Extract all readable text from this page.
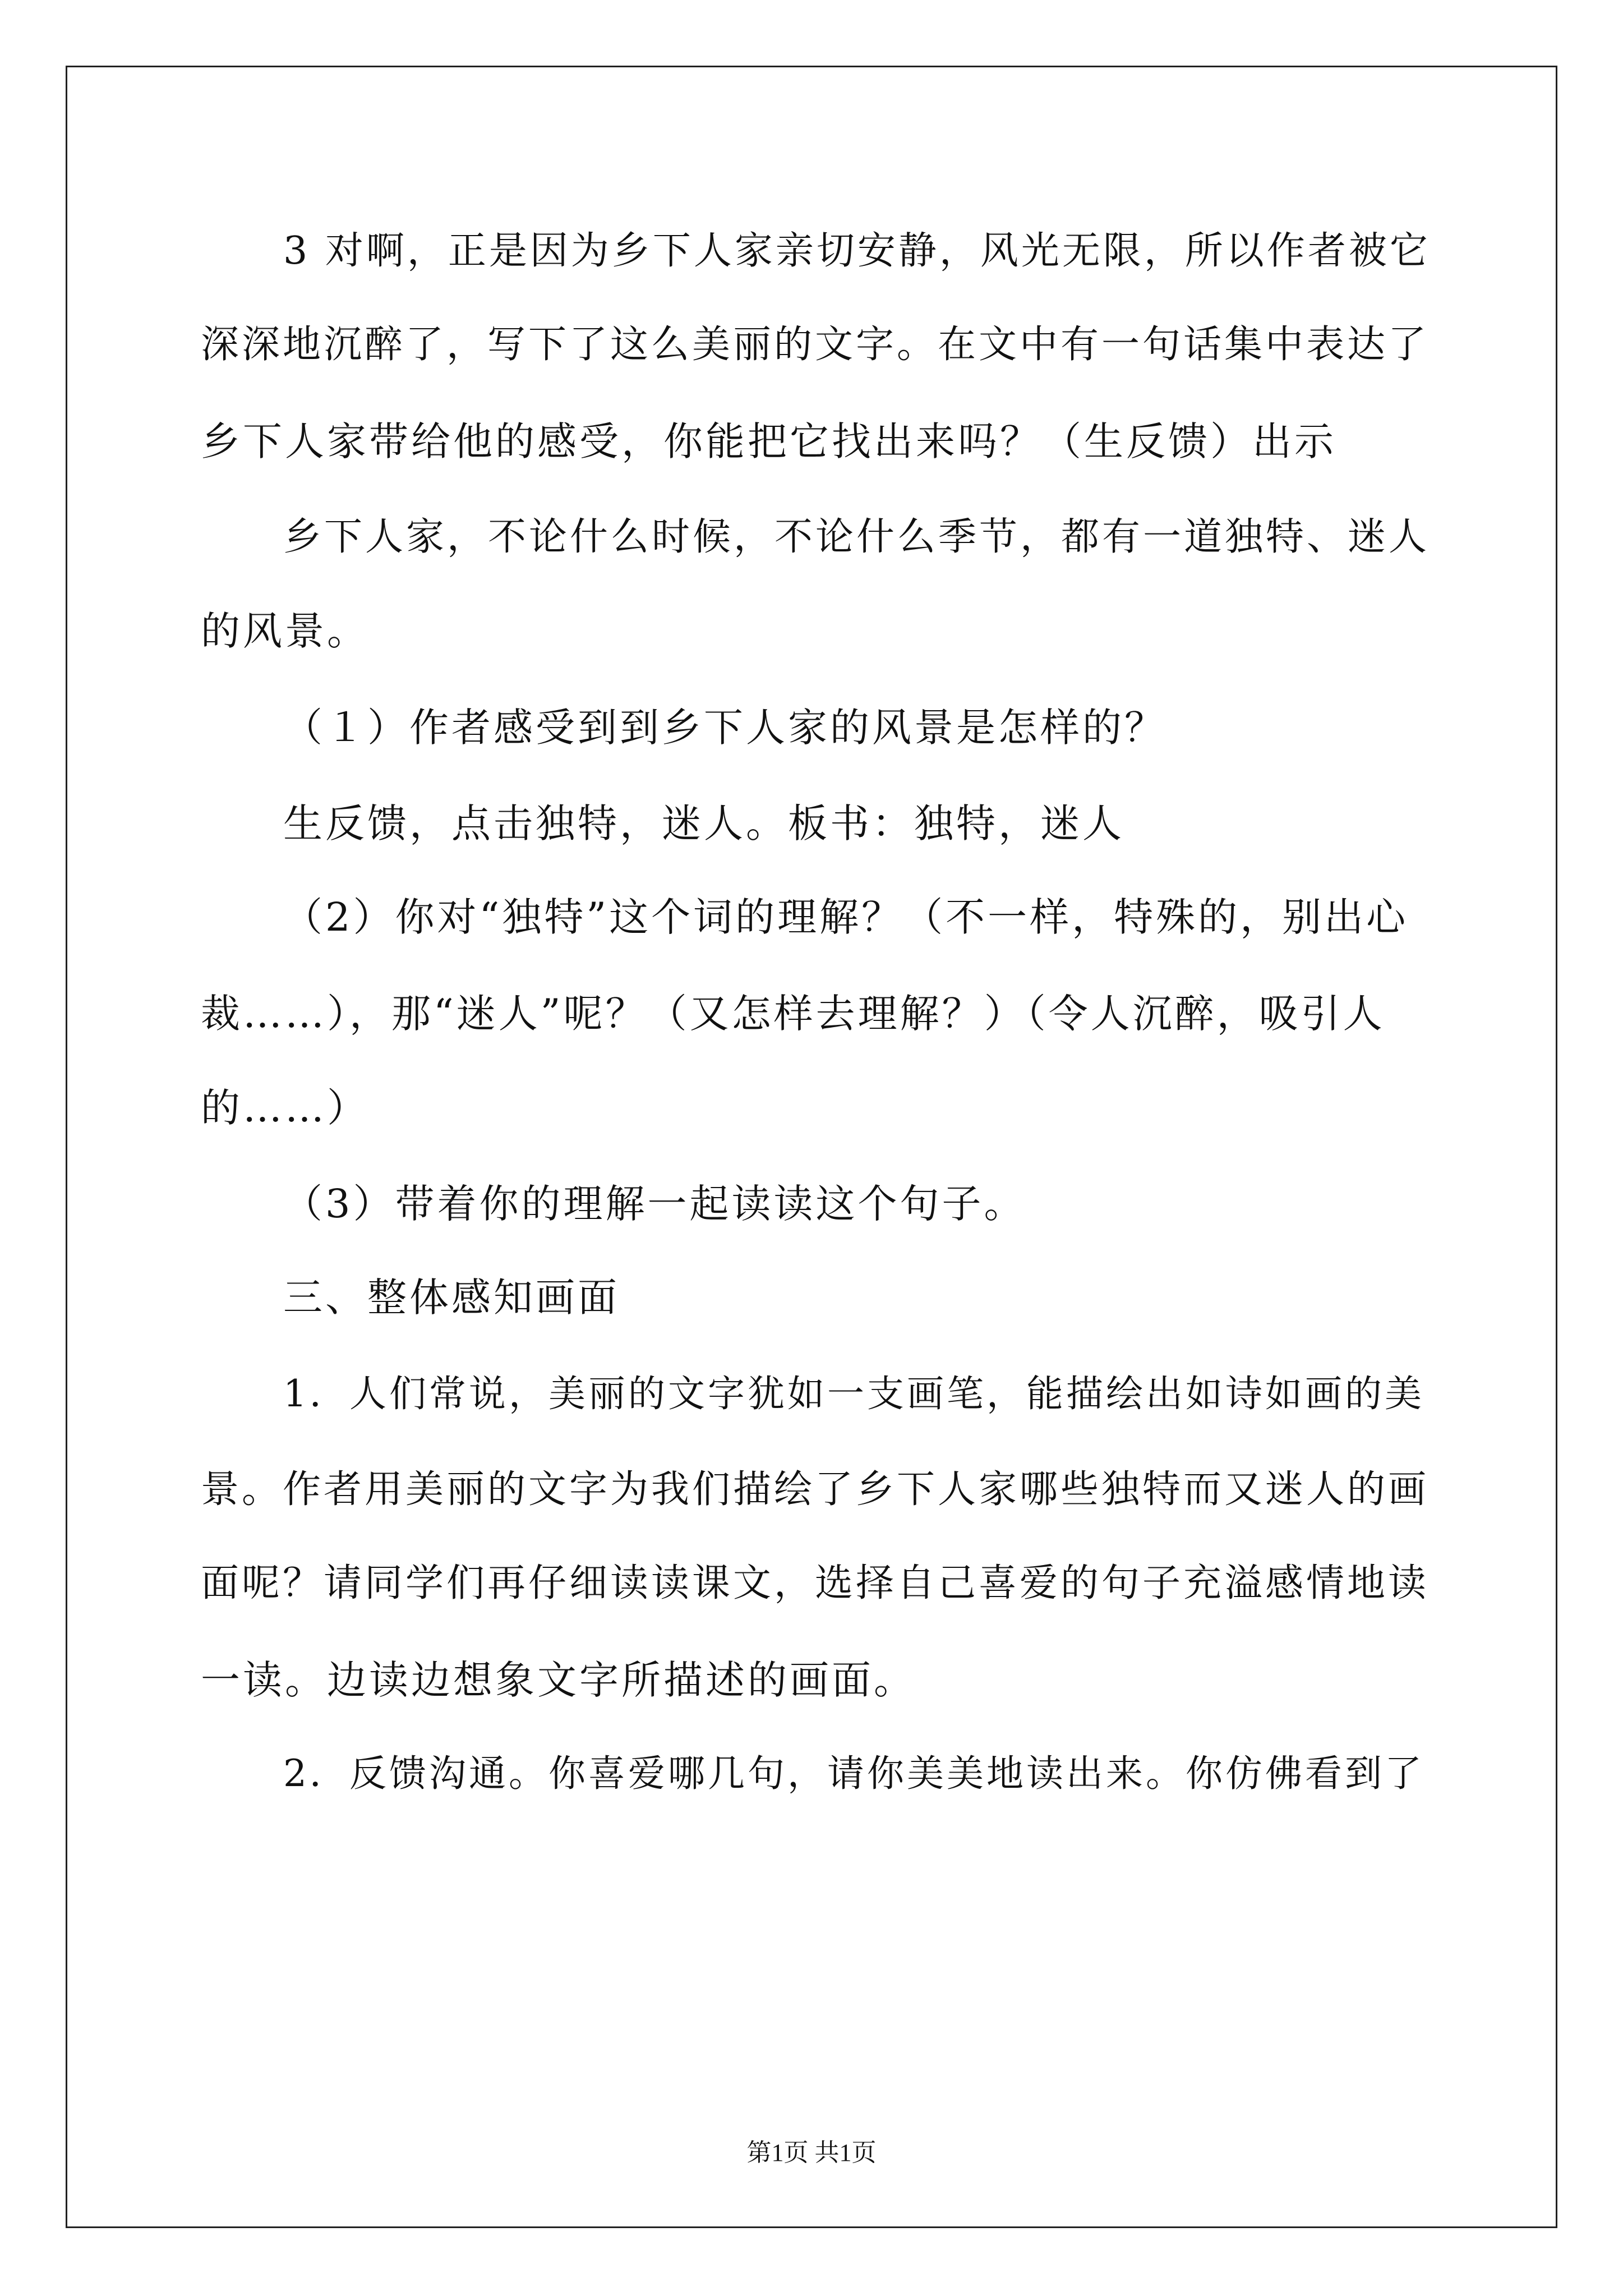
3 对啊，正是因为乡下人家亲切安静，风光无限，所以作者被它
深深地沉醉了，写下了这么美丽的文字。在文中有一句话集中表达了
乡下人家带给他的感受，你能把它找出来吗？（生反馈）出示
乡下人家，不论什么时候，不论什么季节，都有一道独特、迷人
的风景。
（１）作者感受到到乡下人家的风景是怎样的？
生反馈，点击独特，迷人。板书：独特，迷人
（2）你对“独特”这个词的理解？（不一样，特殊的，别出心
裁……），那“迷人”呢？（又怎样去理解？）（令人沉醉，吸引人
的……）
（3）带着你的理解一起读读这个句子。
三、整体感知画面
1．人们常说，美丽的文字犹如一支画笔，能描绘出如诗如画的美
景。作者用美丽的文字为我们描绘了乡下人家哪些独特而又迷人的画
面呢？请同学们再仔细读读课文，选择自己喜爱的句子充溢感情地读
一读。边读边想象文字所描述的画面。
2．反馈沟通。你喜爱哪几句，请你美美地读出来。你仿佛看到了
第1页 共1页
